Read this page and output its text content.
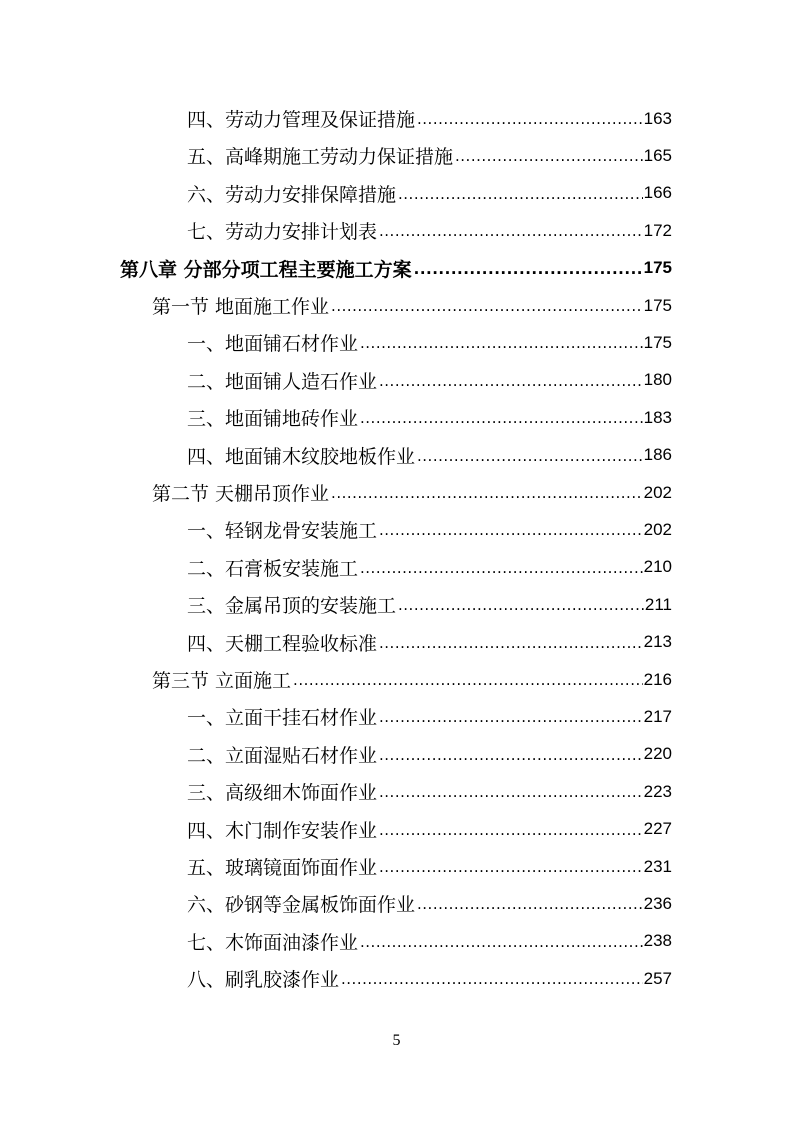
四、劳动力管理及保证措施 .....	163
五、高峰期施工劳动力保证措施 .....	165
六、劳动力安排保障措施 .....	166
七、劳动力安排计划表 .....	172
第八章 分部分项工程主要施工方案 .....	175
第一节 地面施工作业 .....	175
一、地面铺石材作业 .....	175
二、地面铺人造石作业 .....	180
三、地面铺地砖作业 .....	183
四、地面铺木纹胶地板作业 .....	186
第二节 天棚吊顶作业 .....	202
一、轻钢龙骨安装施工 .....	202
二、石膏板安装施工 .....	210
三、金属吊顶的安装施工 .....	211
四、天棚工程验收标准 .....	213
第三节 立面施工 .....	216
一、立面干挂石材作业 .....	217
二、立面湿贴石材作业 .....	220
三、高级细木饰面作业 .....	223
四、木门制作安装作业 .....	227
五、玻璃镜面饰面作业 .....	231
六、砂钢等金属板饰面作业 .....	236
七、木饰面油漆作业 .....	238
八、刷乳胶漆作业 .....	257
5
